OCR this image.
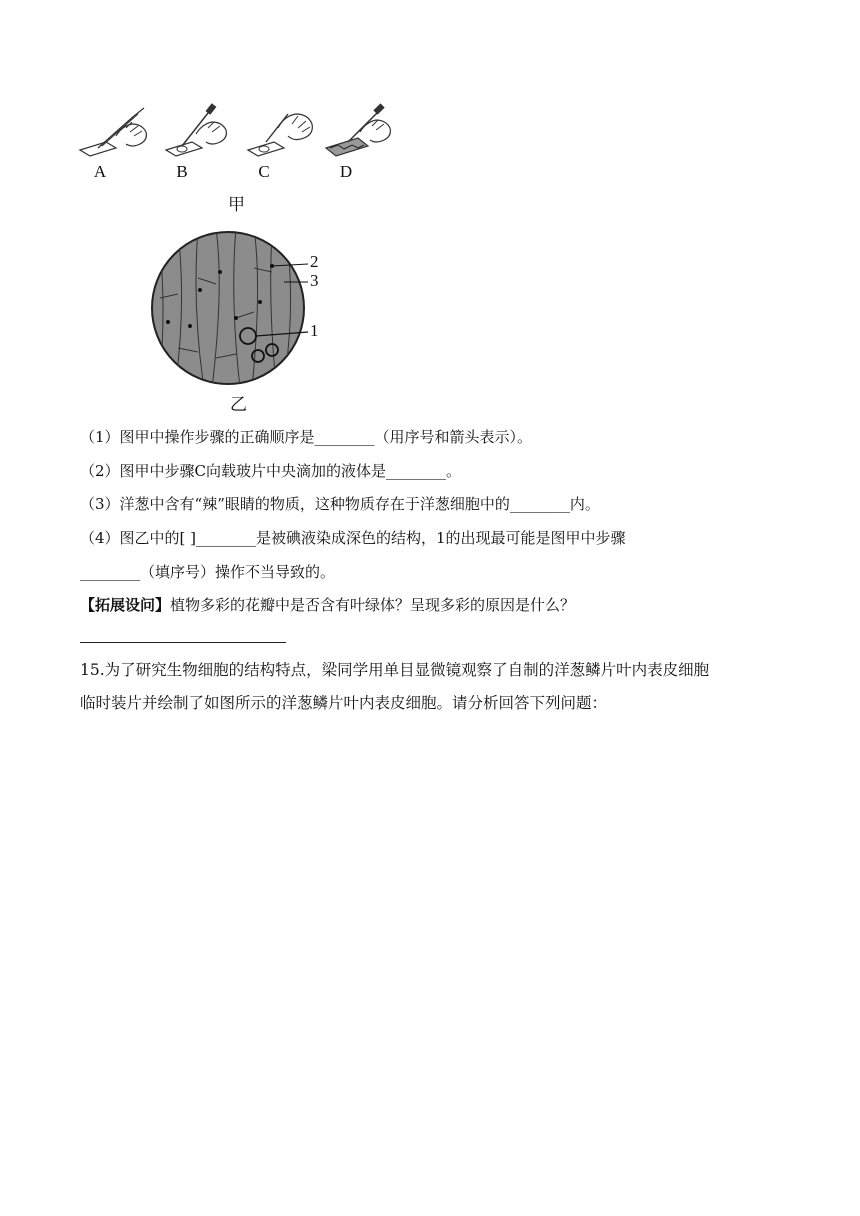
A	B	C	D
甲
2
3
1
乙
（1）图甲中操作步骤的正确顺序是________（用序号和箭头表示）。
（2）图甲中步骤C向载玻片中央滴加的液体是________。
（3）洋葱中含有“辣”眼睛的物质，这种物质存在于洋葱细胞中的________内。
（4）图乙中的[ ]________是被碘液染成深色的结构，1的出现最可能是图甲中步骤
________（填序号）操作不当导致的。
【拓展设问】植物多彩的花瓣中是否含有叶绿体？呈现多彩的原因是什么？
15.为了研究生物细胞的结构特点，梁同学用单目显微镜观察了自制的洋葱鳞片叶内表皮细胞
临时装片并绘制了如图所示的洋葱鳞片叶内表皮细胞。请分析回答下列问题：
